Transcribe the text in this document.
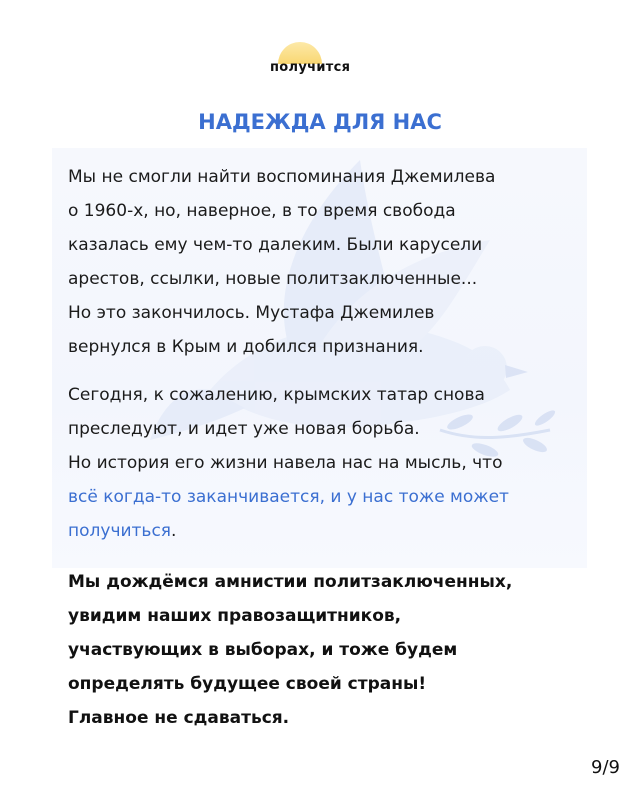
получится
НАДЕЖДА ДЛЯ НАС
Мы не смогли найти воспоминания Джемилева
о 1960-х, но, наверное, в то время свобода
казалась ему чем-то далеким. Были карусели
арестов, ссылки, новые политзаключенные...
Но это закончилось. Мустафа Джемилев
вернулся в Крым и добился признания.
Сегодня, к сожалению, крымских татар снова
преследуют, и идет уже новая борьба.
Но история его жизни навела нас на мысль, что
всё когда-то заканчивается, и у нас тоже может
получиться.
Мы дождёмся амнистии политзаключенных,
увидим наших правозащитников,
участвующих в выборах, и тоже будем
определять будущее своей страны!
Главное не сдаваться.
9/9
